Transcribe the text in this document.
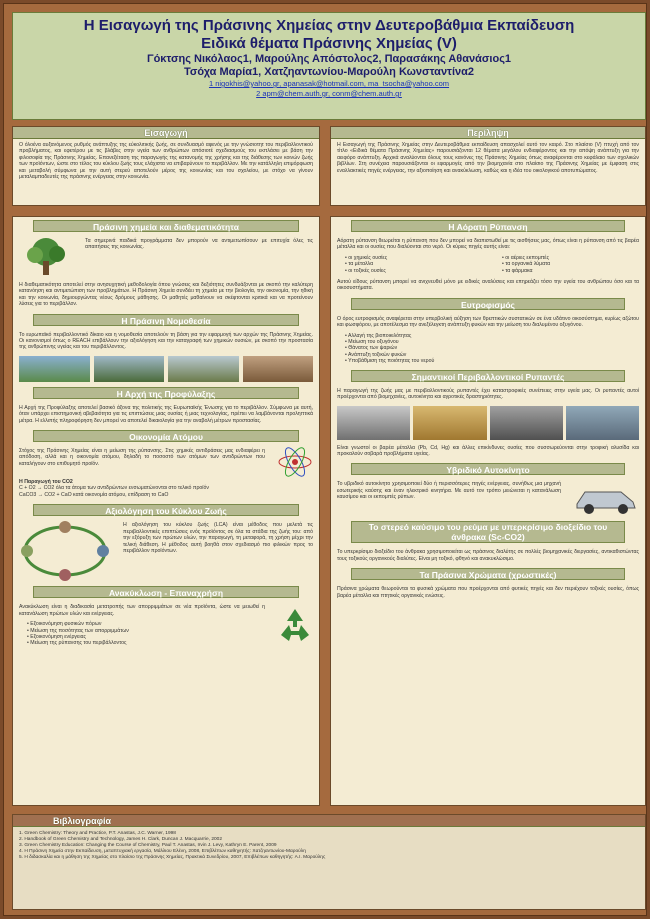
Η Εισαγωγή της Πράσινης Χημείας στην Δευτεροβάθμια Εκπαίδευση
Ειδικά θέματα Πράσινης Χημείας (V)
Γόκτσης Νικόλαος1, Μαρούλης Απόστολος2, Παρασάκης Αθανάσιος1
Τσόχα Μαρία1, Χατζηαντωνίου-Μαρούλη Κωνσταντίνα2
1 nigokhis@yahoo.gr, apanasak@hotmail.com, ma_tsocha@yahoo.com
2 apm@chem.auth.gr, conm@chem.auth.gr
Εισαγωγή
Ο όλοένα αυξανόμενος ρυθμός ανάπτυξης της εύκολιτικής ζωής, σε συνδυασμό αφενός με την γνώσιοτητ του περιβαλλοντικού προβλήματος, και εφετέρου με τις βλάβες στην υγεία των ανθρώπων απόσιοτέ σχεδιασμούς του εκπλάσει με βάση την φιλοσοφία της Πράσινης Χημείας. Επανεξέταση της παραγωγής της κατανομής της χρήσης και της διάθεσης των κοινών ζωής των προϊόντων, ώστε στο τέλος του κύκλου ζωής τους ελάχιστα να επιβαρύνουν το περιβάλλον. Με την κατάλληλη επιμόρφωση και μεταβολή σύμφωνα με την αυτή στερεύ αποτελούν μέρος της κοινωνίας και του σχολείου, με στόχο να γίνουν μεταλαμπαδευτές της πράσινης ενέργειας στην κοινωνία.
Περίληψη
Η Εισαγωγή της Πράσινης Χημείας στην Δευτεροβάθμια εκπαίδευση απασχολεί αυτό τον καιρό. Στο πλαίσιο (V) πτυχή από τον τίτλο «Ειδικά θέματα Πράσινης Χημείας» παρουσιάζονται 12 θέματα μεγάλου ενδιαφέροντος και την απόψη ανάπτυξη για την αειφόρο ανάπτυξη. Αρχικά αναλύονται όλους τους κανόνες της Πράσινης Χημείας όπως αναφέρονται στο κεφάλαιο των σχολικών βιβλίων. Στη συνέχεια παρουσιάζονται οι εφαρμογές από την βιομηχανία στο πλαίσιο της Πράσινης Χημείας με έμφαση στις εναλλακτικές πηγές ενέργειας, την αξιοποίηση και ανακύκλωση, καθώς και η ιδέα του οικολογικού αποτυπώματος.
Πράσινη χημεία και διαθεματικότητα
Τα σημερινά παιδικά προγράμματα δεν μπορούν να αντιμετωπίσουν με επιτυχία όλες τις απαιτήσεις της κοινωνίας.
Η διαθεματικότητα αποτελεί στην ανησυχητική μεθοδολογία όπου γνώσεις και δεξιότητες συνδυάζονται με σκοπό την καλύτερη κατανόηση και αντιμετώπιση των προβλημάτων. Η Πράσινη Χημεία συνδέει τη χημεία με την βιολογία, την οικονομία, την ηθική και την κοινωνία, δημιουργώντας νέους δρόμους μάθησης. Οι μαθητές μαθαίνουν να σκέφτονται κριτικά και να προτείνουν λύσεις για το περιβάλλον.
Η Πράσινη Νομοθεσία
Το ευρωπαϊκό περιβαλλοντικό δίκαιο και η νομοθεσία αποτελούν τη βάση για την εφαρμογή των αρχών της Πράσινης Χημείας. Οι κανονισμοί όπως ο REACH επιβάλλουν την αξιολόγηση και την καταγραφή των χημικών ουσιών, με σκοπό την προστασία της ανθρώπινης υγείας και του περιβάλλοντος.
Η Αρχή της Προφύλαξης
Η Αρχή της Προφύλαξης αποτελεί βασικό άξονα της πολιτικής της Ευρωπαϊκής Ένωσης για το περιβάλλον. Σύμφωνα με αυτή, όταν υπάρχει επιστημονική αβεβαιότητα για τις επιπτώσεις μιας ουσίας ή μιας τεχνολογίας, πρέπει να λαμβάνονται προληπτικά μέτρα. Η ελλιπής πληροφόρηση δεν μπορεί να αποτελεί δικαιολογία για την αναβολή μέτρων προστασίας.
Οικονομία Ατόμου
Στόχος της Πράσινης Χημείας είναι η μείωση της ρύπανσης. Στις χημικές αντιδράσεις μας ενδιαφέρει η απόδοση, αλλά και η οικονομία ατόμου, δηλαδή το ποσοστό των ατόμων των αντιδρώντων που καταλήγουν στο επιθυμητό προϊόν.
Η Παραγωγή του CO2
C + O2 → CO2 όλα τα άτομα των αντιδρώντων ενσωματώνονται στο τελικό προϊόν
CaCO3 → CO2 + CaO κατά οικονομία ατόμου, επίδραση το CaO
Αξιολόγηση του Κύκλου Ζωής
Η αξιολόγηση του κύκλου ζωής (LCA) είναι μέθοδος που μελετά τις περιβαλλοντικές επιπτώσεις ενός προϊόντος σε όλα τα στάδια της ζωής του: από την εξόρυξη των πρώτων υλών, την παραγωγή, τη μεταφορά, τη χρήση μέχρι την τελική διάθεση. Η μέθοδος αυτή βοηθά στον σχεδιασμό πιο φιλικών προς το περιβάλλον προϊόντων.
Ανακύκλωση - Επαναχρήση
Ανακύκλωση είναι η διαδικασία μετατροπής των απορριμμάτων σε νέα προϊόντα, ώστε να μειωθεί η κατανάλωση πρώτων υλών και ενέργειας.
• Εξοικονόμηση φυσικών πόρων
• Μείωση της ποσότητας των απορριμμάτων
• Εξοικονόμηση ενέργειας
• Μείωση της ρύπανσης του περιβάλλοντος
Η Αόρατη Ρύπανση
Αόρατη ρύπανση θεωρείται η ρύπανση που δεν μπορεί να διαπιστωθεί με τις αισθήσεις μας, όπως είναι η ρύπανση από τις βαρέα μέταλλα και οι ουσίες που διαλύονται στο νερό. Οι κύριες πηγές αυτής είναι:
• οι χημικές ουσίες
• τα μέταλλα
• οι τοξικές ουσίες
• οι αέριες εκπομπές
• τα οργανικά λύματα
• τα φάρμακα
Αυτού είδους ρύπανση μπορεί να ανιχνευθεί μόνο με ειδικές αναλύσεις και επηρεάζει τόσο την υγεία του ανθρώπου όσο και τα οικοσυστήματα.
Ευτροφισμός
Ο όρος ευτροφισμός αναφέρεται στην υπερβολική αύξηση των θρεπτικών συστατικών σε ένα υδάτινο οικοσύστημα, κυρίως αζώτου και φωσφόρου, με αποτέλεσμα την ανεξέλεγκτη ανάπτυξη φυκών και την μείωση του διαλυμένου οξυγόνου.
• Αλλαγή της βιοποικιλότητας
• Μείωση του οξυγόνου
• Θάνατος των ψαριών
• Ανάπτυξη τοξικών φυκών
• Υποβάθμιση της ποιότητας του νερού
Σημαντικοί Περιβαλλοντικοί Ρυπαντές
Η παραγωγή της ζωής μας με περιβαλλοντικούς ρυπαντές έχει καταστροφικές συνέπειες στην υγεία μας. Οι ρυπαντές αυτοί προέρχονται από βιομηχανίες, αυτοκίνητα και αγροτικές δραστηριότητες.
Είναι γνωστοί οι βαρέα μέταλλα (Pb, Cd, Hg) και άλλες επικίνδυνες ουσίες που συσσωρεύονται στην τροφική αλυσίδα και προκαλούν σοβαρά προβλήματα υγείας.
Υβριδικό Αυτοκίνητο
Το υβριδικό αυτοκίνητο χρησιμοποιεί δύο ή περισσότερες πηγές ενέργειας, συνήθως μια μηχανή εσωτερικής καύσης και έναν ηλεκτρικό κινητήρα. Με αυτό τον τρόπο μειώνεται η κατανάλωση καυσίμου και οι εκπομπές ρύπων.
Το στερεό καύσιμο του ρεύμα με υπερκρίσιμο διοξείδιο του άνθρακα (Sc-CO2)
Το υπερκρίσιμο διοξείδιο του άνθρακα χρησιμοποιείται ως πράσινος διαλύτης σε πολλές βιομηχανικές διεργασίες, αντικαθιστώντας τους τοξικούς οργανικούς διαλύτες. Είναι μη τοξικό, φθηνό και ανακυκλώσιμο.
Τα Πράσινα Χρώματα (χρωστικές)
Πράσινα χρώματα θεωρούνται τα φυσικά χρώματα που προέρχονται από φυτικές πηγές και δεν περιέχουν τοξικές ουσίες, όπως βαρέα μέταλλα και πτητικές οργανικές ενώσεις.
Βιβλιογραφία
1. Green Chemistry: Theory and Practice, P.T. Anastas, J.C. Warner, 1998
2. Handbook of Green Chemistry and Technology, James H. Clark, Duncan J. Macquarrie, 2002
3. Green Chemistry Education: Changing the Course of Chemistry, Paul T. Anastas, Irvin J. Levy, Kathryn E. Parent, 2009
4. Η Πράσινη Χημεία στην Εκπαίδευση, μεταπτυχιακή εργασία, Μάλλιου Ελένη, 2008, Επιβλέπων καθηγητής: Χατζηαντωνίου-Μαρούλη
5. Η διδασκαλία και η μάθηση της Χημείας στο πλαίσιο της Πράσινης Χημείας, Πρακτικά Συνεδρίου, 2007, Επιβλέπων καθηγητής: Α.Ι. Μαρούλης
